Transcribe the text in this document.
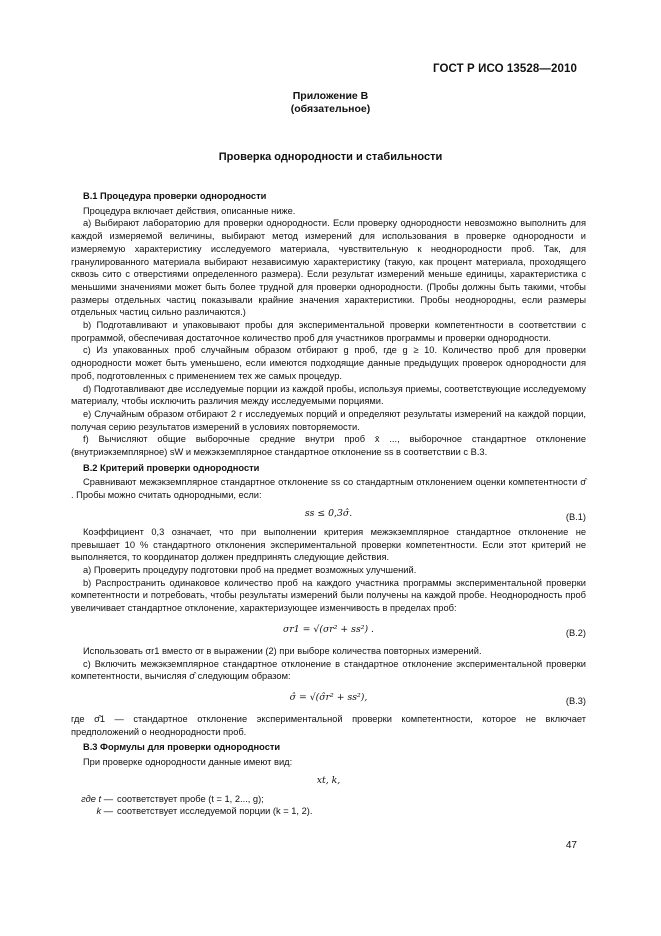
ГОСТ Р ИСО 13528—2010
Приложение В
(обязательное)
Проверка однородности и стабильности
В.1 Процедура проверки однородности

Процедура включает действия, описанные ниже.

а) Выбирают лабораторию для проверки однородности. Если проверку однородности невозможно выполнить для каждой измеряемой величины, выбирают метод измерений для использования в проверке однородности и измеряемую характеристику исследуемого материала, чувствительную к неоднородности проб. Так, для гранулированного материала выбирают независимую характеристику (такую, как процент материала, проходящего сквозь сито с отверстиями определенного размера). Если результат измерений меньше единицы, характеристика с меньшими значениями может быть более трудной для проверки однородности. (Пробы должны быть такими, чтобы размеры отдельных частиц показывали крайние значения характеристики. Пробы неоднородны, если размеры отдельных частиц сильно различаются.)

b) Подготавливают и упаковывают пробы для экспериментальной проверки компетентности в соответствии с программой, обеспечивая достаточное количество проб для участников программы и проверки однородности.

c) Из упакованных проб случайным образом отбирают g проб, где g ≥ 10. Количество проб для проверки однородности может быть уменьшено, если имеются подходящие данные предыдущих проверок однородности для проб, подготовленных с применением тех же самых процедур.

d) Подготавливают две исследуемые порции из каждой пробы, используя приемы, соответствующие исследуемому материалу, чтобы исключить различия между исследуемыми порциями.

e) Случайным образом отбирают 2 г исследуемых порций и определяют результаты измерений на каждой порции, получая серию результатов измерений в условиях повторяемости.

f) Вычисляют общие выборочные средние внутри проб x̄ ..., выборочное стандартное отклонение (внутриэкземплярное) sW и межэкземплярное стандартное отклонение ss в соответствии с В.3.

В.2 Критерий проверки однородности

Сравнивают межэкземплярное стандартное отклонение ss со стандартным отклонением оценки компетентности σ̂ . Пробы можно считать однородными, если:

ss ≤ 0,3σ̂.	(В.1)

Коэффициент 0,3 означает, что при выполнении критерия межэкземплярное стандартное отклонение не превышает 10 % стандартного отклонения экспериментальной проверки компетентности. Если этот критерий не выполняется, то координатор должен предпринять следующие действия.

а) Проверить процедуру подготовки проб на предмет возможных улучшений.

b) Распространить одинаковое количество проб на каждого участника программы экспериментальной проверки компетентности и потребовать, чтобы результаты измерений были получены на каждой пробе. Неоднородность проб увеличивает стандартное отклонение, характеризующее изменчивость в пределах проб:

σr1 = √(σr² + ss²) .	(В.2)

Использовать σr1 вместо σr в выражении (2) при выборе количества повторных измерений.

c) Включить межэкземплярное стандартное отклонение в стандартное отклонение экспериментальной проверки компетентности, вычисляя σ̂ следующим образом:

σ̂ = √(σ̂r² + ss²),	(В.3)

где σ̂1 — стандартное отклонение экспериментальной проверки компетентности, которое не включает предположений о неоднородности проб.

В.3 Формулы для проверки однородности

При проверке однородности данные имеют вид:

xt, k,
где t — соответствует пробе (t = 1, 2..., g);
k — соответствует исследуемой порции (k = 1, 2).
47
